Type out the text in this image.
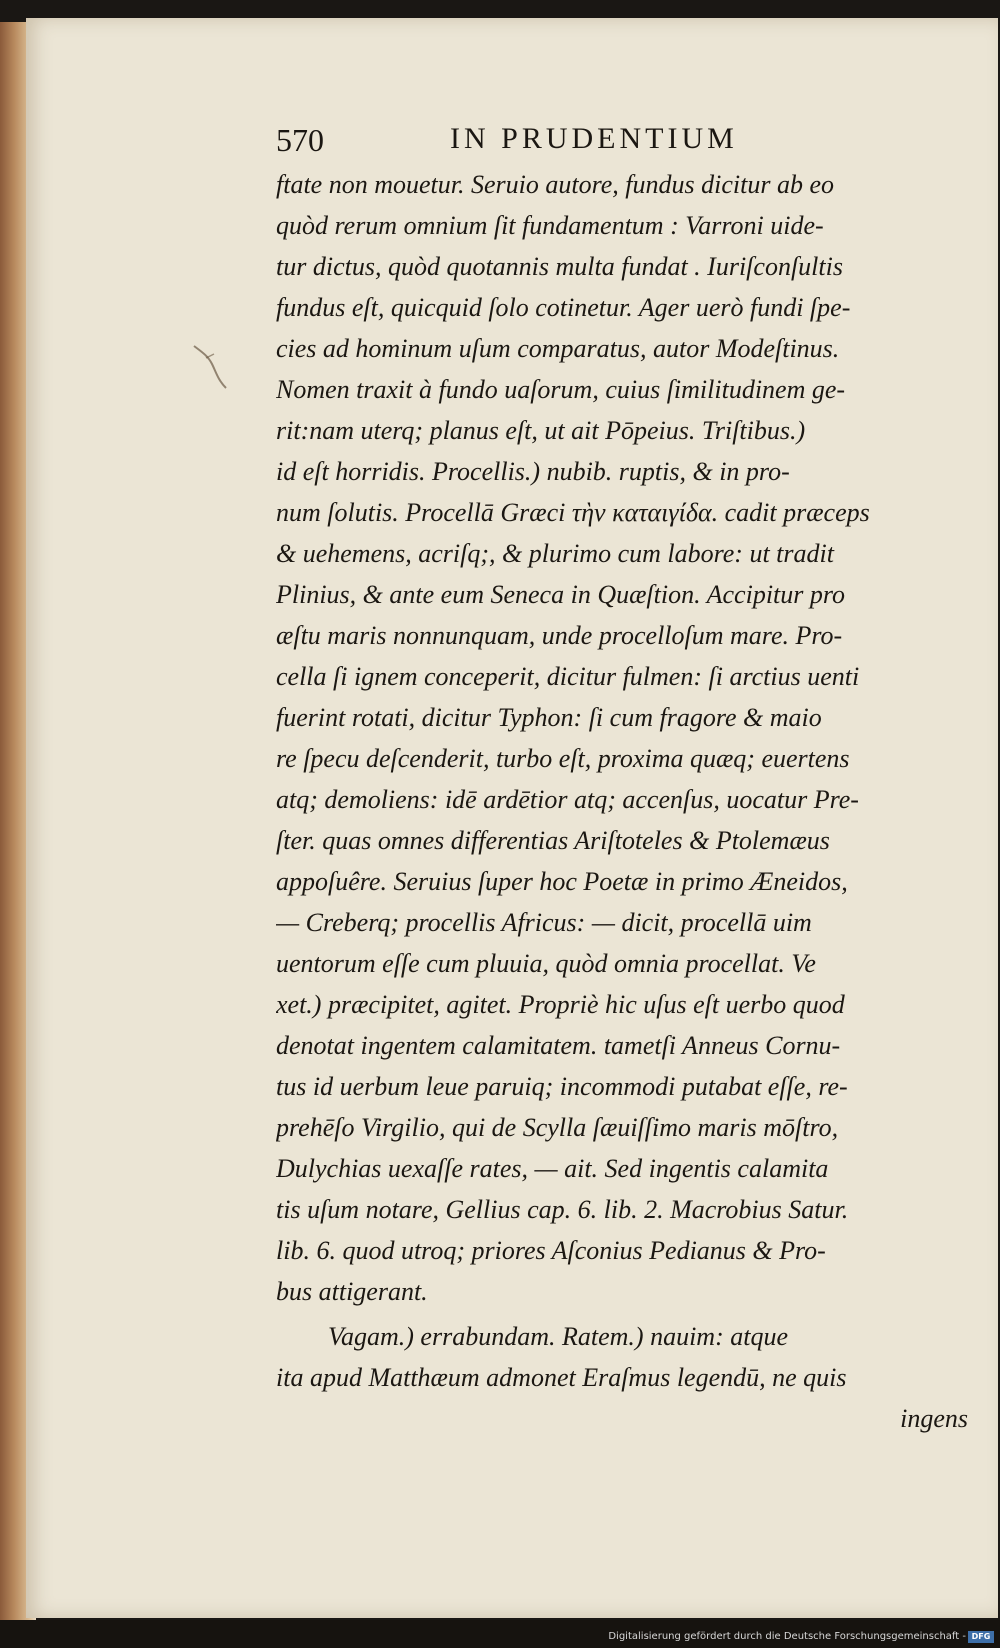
570	IN PRUDENTIUM
ftate non mouetur. Seruio autore, fundus dicitur ab eo
quòd rerum omnium ſit fundamentum : Varroni uide-
tur dictus, quòd quotannis multa fundat . Iuriſconſultis
fundus eſt, quicquid ſolo cotinetur. Ager uerò fundi ſpe-
cies ad hominum uſum comparatus, autor Modeſtinus.
Nomen traxit à fundo uaſorum, cuius ſimilitudinem ge-
rit:nam uterq; planus eſt, ut ait Pōpeius. Triſtibus.)
id eſt horridis. Procellis.) nubib. ruptis, & in pro-
num ſolutis. Procellā Græci τὴν καταιγίδα. cadit præceps
& uehemens, acriſq;, & plurimo cum labore: ut tradit
Plinius, & ante eum Seneca in Quæſtion. Accipitur pro
æſtu maris nonnunquam, unde procelloſum mare. Pro-
cella ſi ignem conceperit, dicitur fulmen: ſi arctius uenti
fuerint rotati, dicitur Typhon: ſi cum fragore & maio
re ſpecu deſcenderit, turbo eſt, proxima quæq; euertens
atq; demoliens: idē ardētior atq; accenſus, uocatur Pre-
ſter. quas omnes differentias Ariſtoteles & Ptolemæus
appoſuêre. Seruius ſuper hoc Poetæ in primo Æneidos,
— Creberq; procellis Africus: — dicit, procellā uim
uentorum eſſe cum pluuia, quòd omnia procellat. Ve
xet.) præcipitet, agitet. Propriè hic uſus eſt uerbo quod
denotat ingentem calamitatem. tametſi Anneus Cornu-
tus id uerbum leue paruiq; incommodi putabat eſſe, re-
prehēſo Virgilio, qui de Scylla ſæuiſſimo maris mōſtro,
Dulychias uexaſſe rates, — ait. Sed ingentis calamita
tis uſum notare, Gellius cap. 6. lib. 2. Macrobius Satur.
lib. 6. quod utroq; priores Aſconius Pedianus & Pro-
bus attigerant.
Vagam.) errabundam. Ratem.) nauim: atque
ita apud Matthæum admonet Eraſmus legendū, ne quis
ingens
Digitalisierung gefördert durch die Deutsche Forschungsgemeinschaft - DFG
